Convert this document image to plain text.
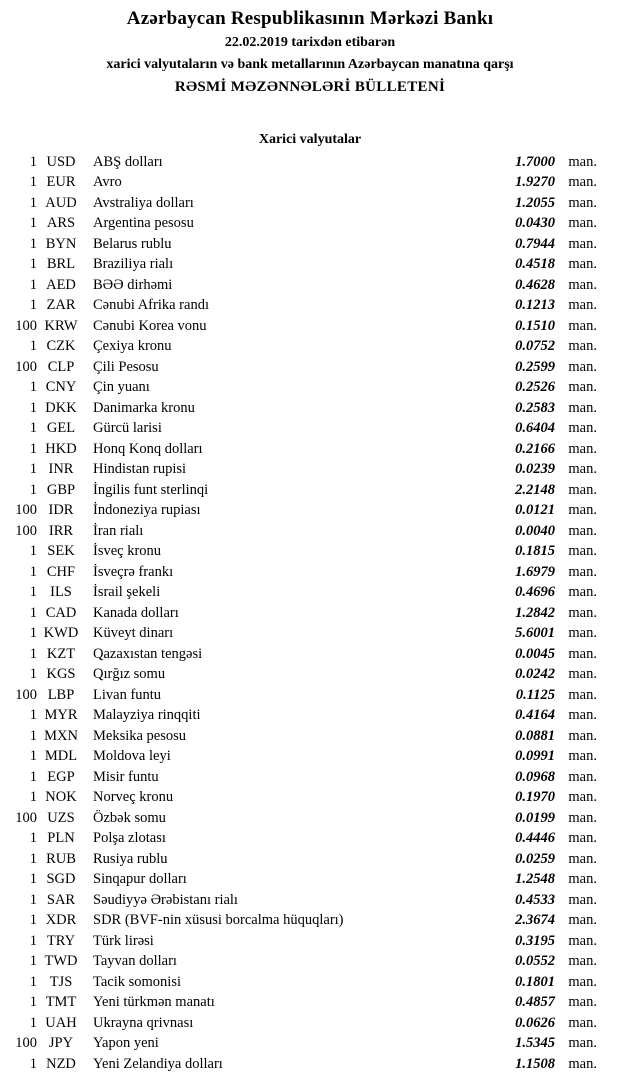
Azərbaycan Respublikasının Mərkəzi Bankı
22.02.2019 tarixdən etibarən
xarici valyutaların və bank metallarının Azərbaycan manatına qarşı
RƏSMİ MƏZƏNNƏLƏRİ BÜLLETENİ
Xarici valyutalar
1 USD	ABŞ dolları	1.7000 man.
1 EUR	Avro	1.9270 man.
1 AUD	Avstraliya dolları	1.2055 man.
1 ARS	Argentina pesosu	0.0430 man.
1 BYN	Belarus rublu	0.7944 man.
1 BRL	Braziliya rialı	0.4518 man.
1 AED	BƏƏ dirhəmi	0.4628 man.
1 ZAR	Cənubi Afrika randı	0.1213 man.
100 KRW	Cənubi Korea vonu	0.1510 man.
1 CZK	Çexiya kronu	0.0752 man.
100 CLP	Çili Pesosu	0.2599 man.
1 CNY	Çin yuanı	0.2526 man.
1 DKK	Danimarka kronu	0.2583 man.
1 GEL	Gürcü larisi	0.6404 man.
1 HKD	Honq Konq dolları	0.2166 man.
1 INR	Hindistan rupisi	0.0239 man.
1 GBP	İngilis funt sterlinqi	2.2148 man.
100 IDR	İndoneziya rupiası	0.0121 man.
100 IRR	İran rialı	0.0040 man.
1 SEK	İsveç kronu	0.1815 man.
1 CHF	İsveçrə frankı	1.6979 man.
1 ILS	İsrail şekeli	0.4696 man.
1 CAD	Kanada dolları	1.2842 man.
1 KWD	Küveyt dinarı	5.6001 man.
1 KZT	Qazaxıstan tengəsi	0.0045 man.
1 KGS	Qırğız somu	0.0242 man.
100 LBP	Livan funtu	0.1125 man.
1 MYR	Malayziya rinqqiti	0.4164 man.
1 MXN	Meksika pesosu	0.0881 man.
1 MDL	Moldova leyi	0.0991 man.
1 EGP	Misir funtu	0.0968 man.
1 NOK	Norveç kronu	0.1970 man.
100 UZS	Özbək somu	0.0199 man.
1 PLN	Polşa zlotası	0.4446 man.
1 RUB	Rusiya rublu	0.0259 man.
1 SGD	Sinqapur dolları	1.2548 man.
1 SAR	Səudiyyə Ərəbistanı rialı	0.4533 man.
1 XDR	SDR (BVF-nin xüsusi borcalma hüquqları)	2.3674 man.
1 TRY	Türk lirəsi	0.3195 man.
1 TWD	Tayvan dolları	0.0552 man.
1 TJS	Tacik somonisi	0.1801 man.
1 TMT	Yeni türkmən manatı	0.4857 man.
1 UAH	Ukrayna qrivnası	0.0626 man.
100 JPY	Yapon yeni	1.5345 man.
1 NZD	Yeni Zelandiya dolları	1.1508 man.
